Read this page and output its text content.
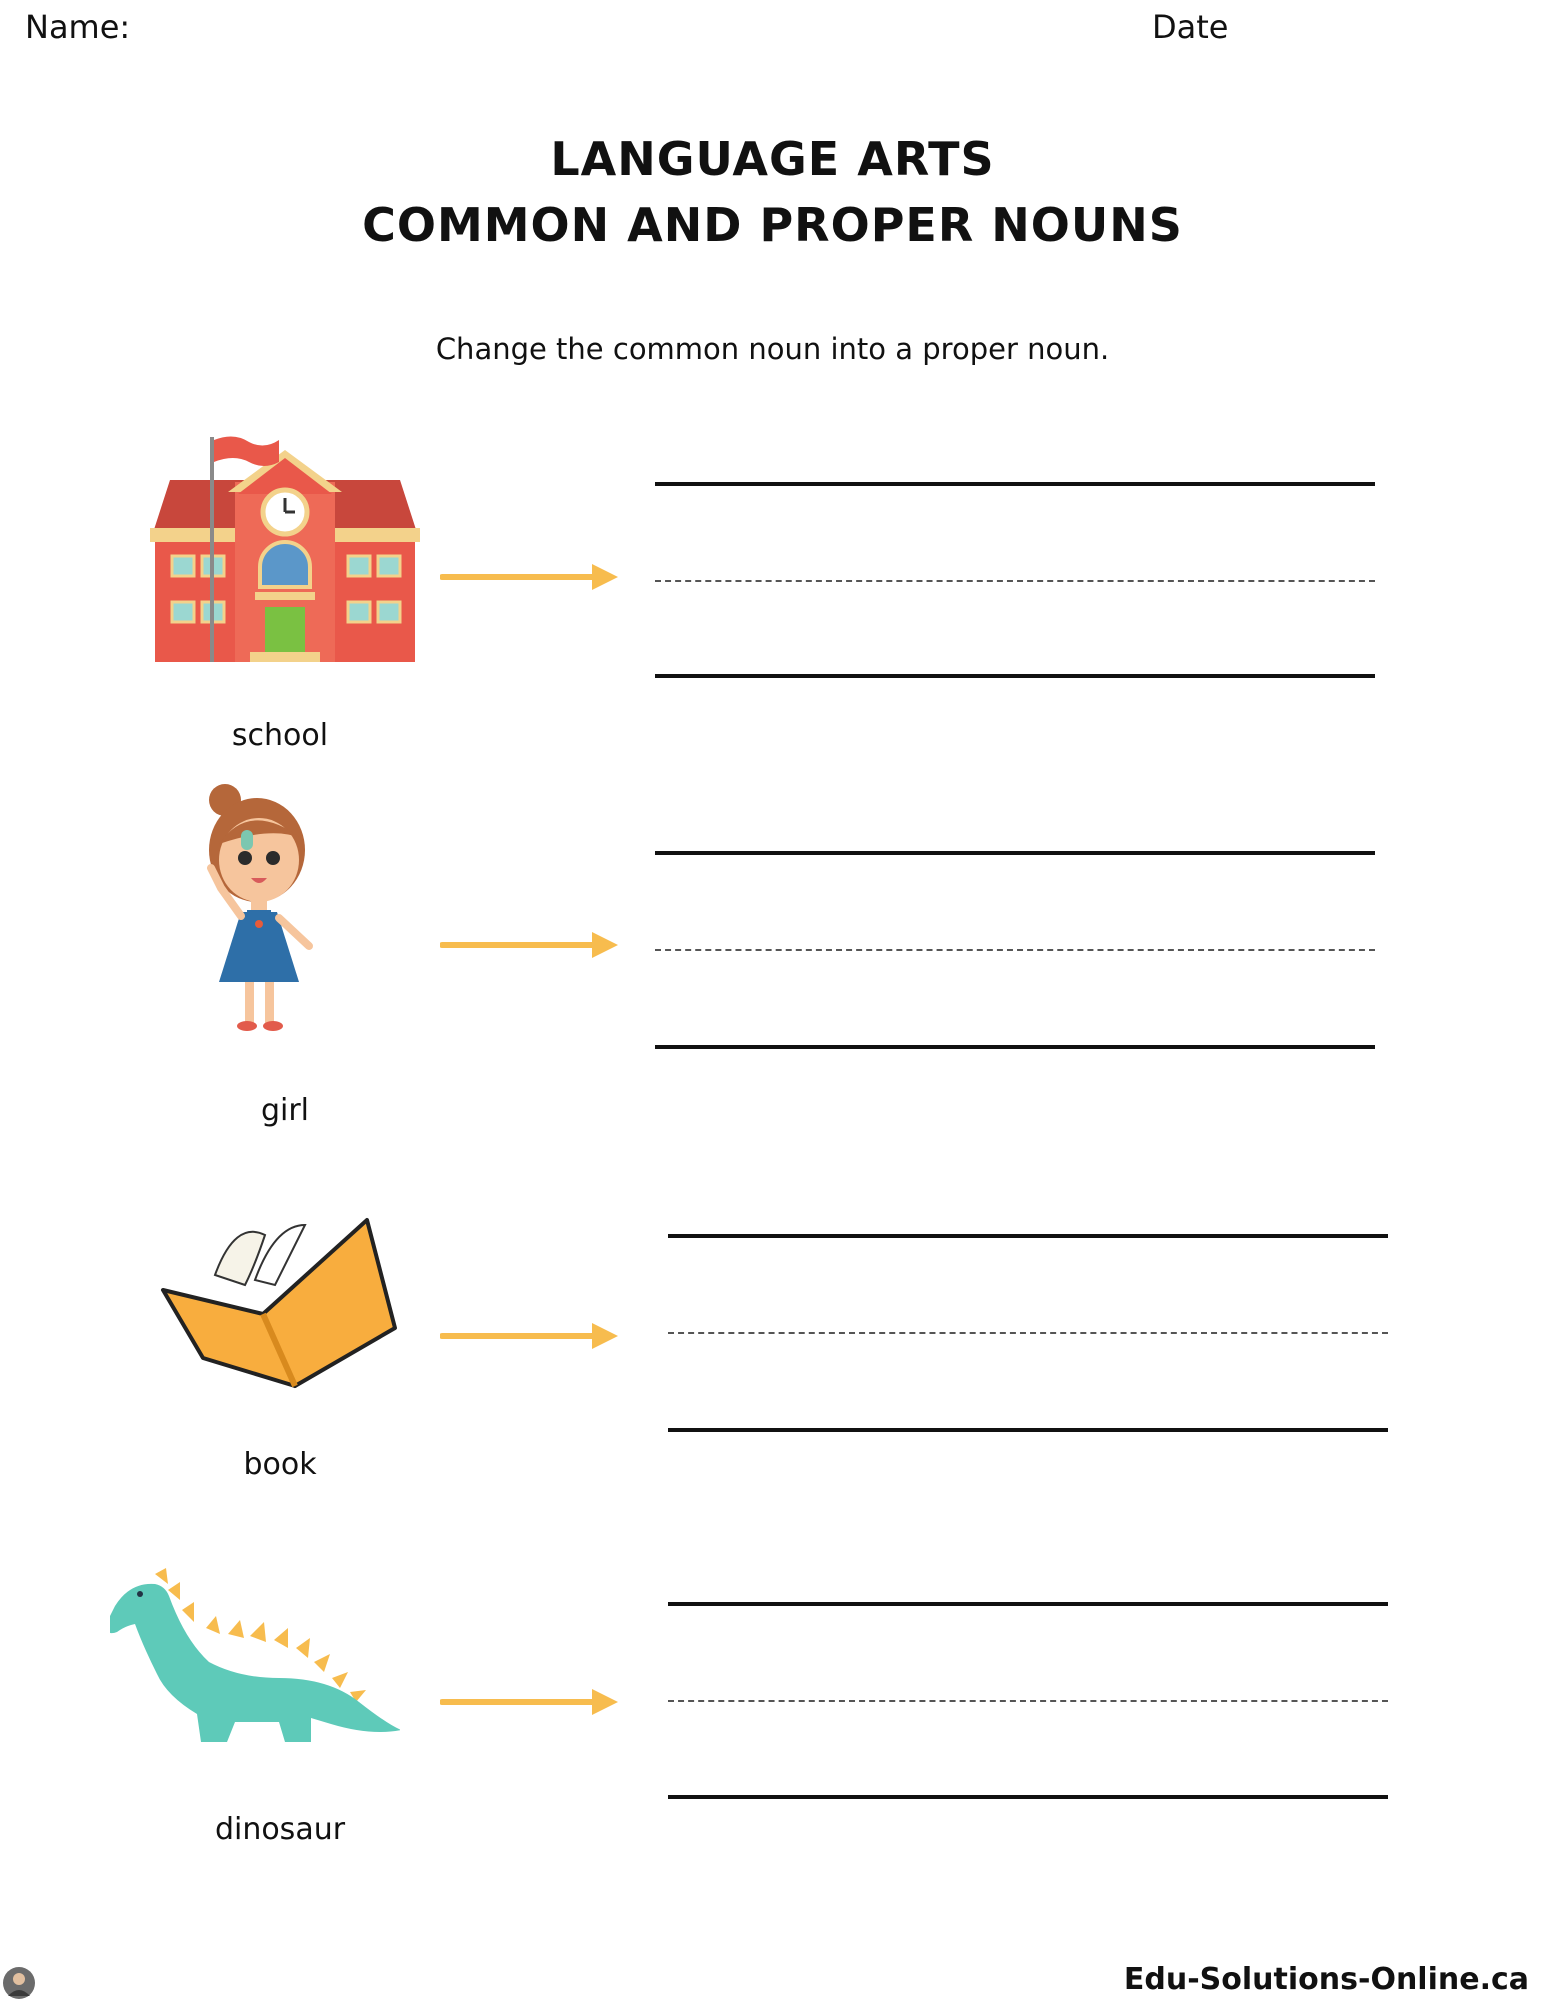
Name:	Date
LANGUAGE ARTS
COMMON AND PROPER NOUNS
Change the common noun into a proper noun.
school
girl
book
dinosaur
Edu-Solutions-Online.ca
